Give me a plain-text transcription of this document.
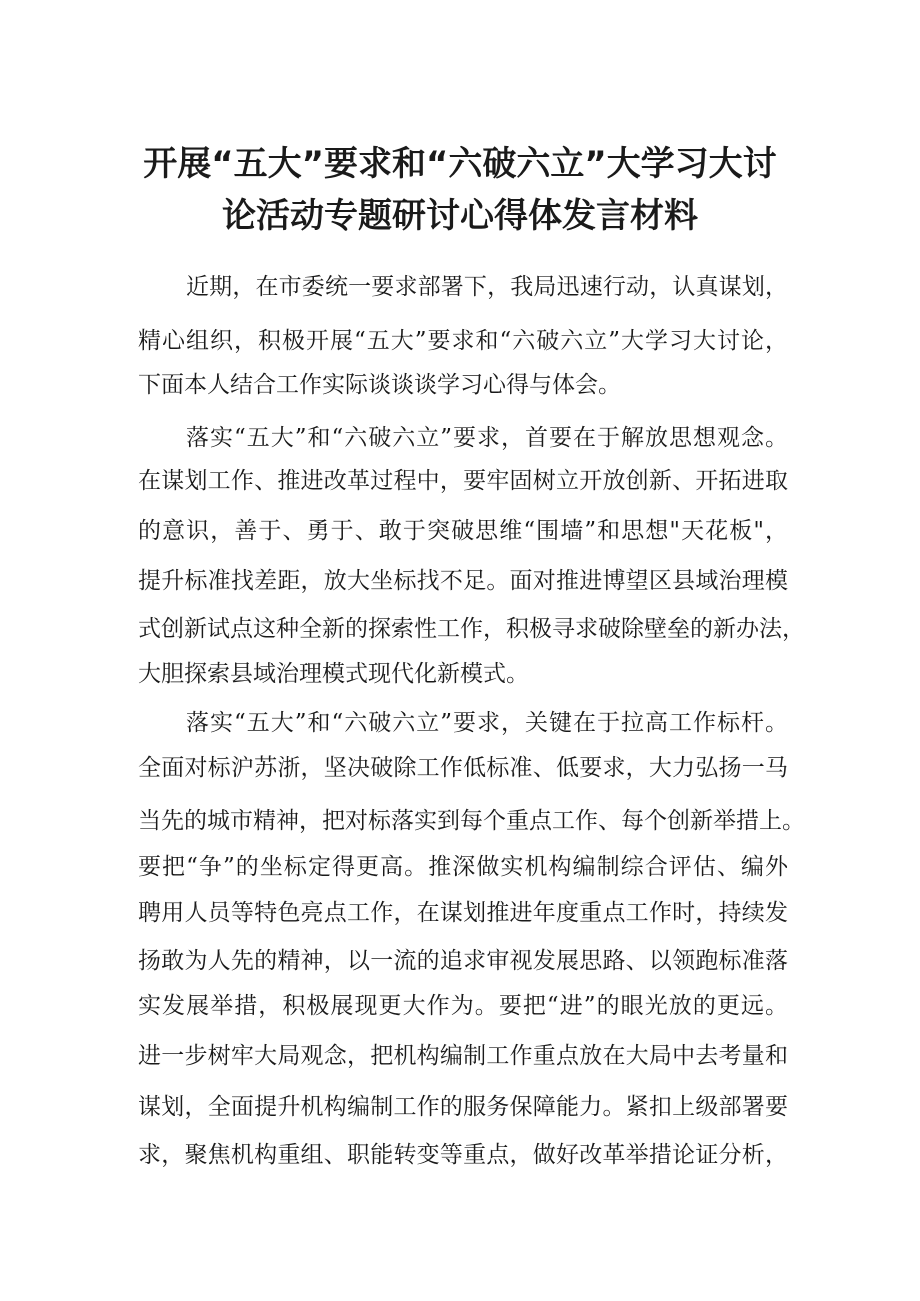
开展“五大”要求和“六破六立”大学习大讨
论活动专题研讨心得体发言材料

近期，在市委统一要求部署下，我局迅速行动，认真谋划，

精心组织，积极开展“五大”要求和“六破六立”大学习大讨论，

下面本人结合工作实际谈谈谈学习心得与体会。

落实“五大”和“六破六立”要求，首要在于解放思想观念。

在谋划工作、推进改革过程中，要牢固树立开放创新、开拓进取

的意识，善于、勇于、敢于突破思维“围墙”和思想"天花板"，

提升标准找差距，放大坐标找不足。面对推进博望区县域治理模

式创新试点这种全新的探索性工作，积极寻求破除壁垒的新办法，

大胆探索县域治理模式现代化新模式。

落实“五大”和“六破六立”要求，关键在于拉高工作标杆。

全面对标沪苏浙，坚决破除工作低标准、低要求，大力弘扬一马

当先的城市精神，把对标落实到每个重点工作、每个创新举措上。

要把“争”的坐标定得更高。推深做实机构编制综合评估、编外

聘用人员等特色亮点工作，在谋划推进年度重点工作时，持续发

扬敢为人先的精神，以一流的追求审视发展思路、以领跑标准落

实发展举措，积极展现更大作为。要把“进”的眼光放的更远。

进一步树牢大局观念，把机构编制工作重点放在大局中去考量和

谋划，全面提升机构编制工作的服务保障能力。紧扣上级部署要

求，聚焦机构重组、职能转变等重点，做好改革举措论证分析，
